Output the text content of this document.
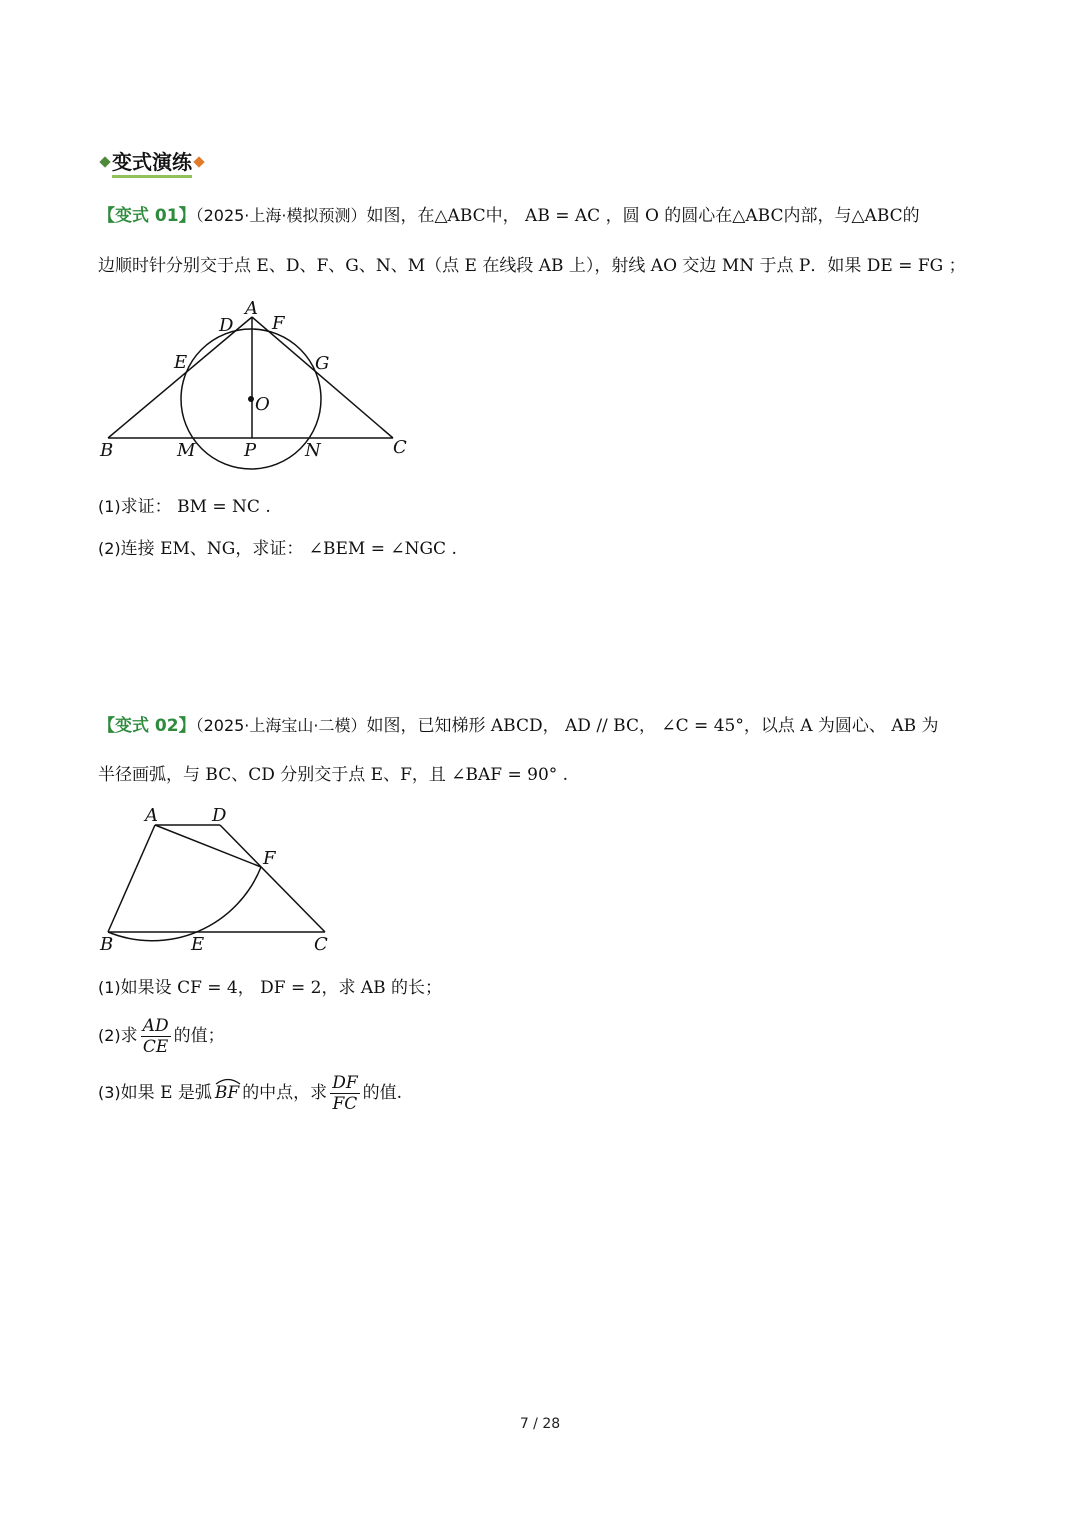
变式演练
【变式 01】（2025·上海·模拟预测）如图，在△ABC中， AB = AC ，圆 O 的圆心在△ABC内部，与△ABC的
边顺时针分别交于点 E、D、F、G、N、M（点 E 在线段 AB 上），射线 AO 交边 MN 于点 P．如果 DE = FG ；
A
D F
E	G
O
B	M	P	N	C
(1)求证： BM = NC .
(2)连接 EM、NG，求证： ∠BEM = ∠NGC .
【变式 02】（2025·上海宝山·二模）如图，已知梯形 ABCD， AD // BC， ∠C = 45°，以点 A 为圆心、 AB 为
半径画弧，与 BC、CD 分别交于点 E、F，且 ∠BAF = 90° .
A	D
F
B	E	C
(1)如果设 CF = 4， DF = 2，求 AB 的长；
(2)求 $\frac{AD}{CE}$ 的值；
(3)如果 E 是弧 BF 的中点，求 $\frac{DF}{FC}$ 的值.
7 / 28
